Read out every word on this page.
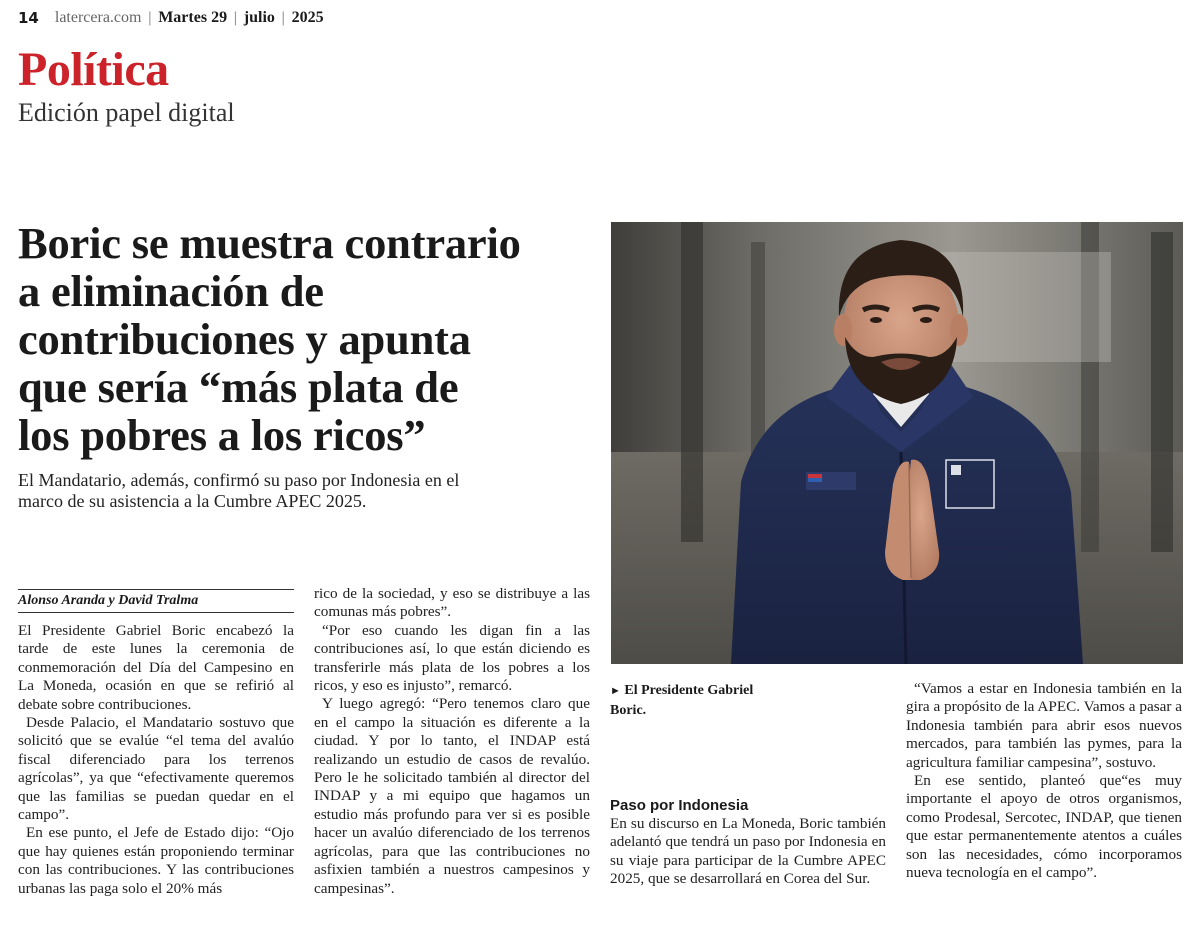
14 latercera.com | Martes 29 | julio | 2025
Política
Edición papel digital
Boric se muestra contrario
a eliminación de
contribuciones y apunta
que sería “más plata de
los pobres a los ricos”
El Mandatario, además, confirmó su paso por Indonesia en el marco de su asistencia a la Cumbre APEC 2025.
Alonso Aranda y David Tralma

El Presidente Gabriel Boric encabezó la tarde de este lunes la ceremonia de conmemoración del Día del Campesino en La Moneda, ocasión en que se refirió al debate sobre contribuciones.

Desde Palacio, el Mandatario sostuvo que solicitó que se evalúe “el tema del avalúo fiscal diferenciado para los terrenos agrícolas”, ya que “efectivamente queremos que las familias se puedan quedar en el campo”.

En ese punto, el Jefe de Estado dijo: “Ojo que hay quienes están proponiendo terminar con las contribuciones. Y las contribuciones urbanas las paga solo el 20% más

rico de la sociedad, y eso se distribuye a las comunas más pobres”.

“Por eso cuando les digan fin a las contribuciones así, lo que están diciendo es transferirle más plata de los pobres a los ricos, y eso es injusto”, remarcó.

Y luego agregó: “Pero tenemos claro que en el campo la situación es diferente a la ciudad. Y por lo tanto, el INDAP está realizando un estudio de casos de revalúo. Pero le he solicitado también al director del INDAP y a mi equipo que hagamos un estudio más profundo para ver si es posible hacer un avalúo diferenciado de los terrenos agrícolas, para que las contribuciones no asfixien también a nuestros campesinos y campesinas”.

► El Presidente Gabriel Boric.
Paso por Indonesia

En su discurso en La Moneda, Boric también adelantó que tendrá un paso por Indonesia en su viaje para participar de la Cumbre APEC 2025, que se desarrollará en Corea del Sur.

“Vamos a estar en Indonesia también en la gira a propósito de la APEC. Vamos a pasar a Indonesia también para abrir esos nuevos mercados, para también las pymes, para la agricultura familiar campesina”, sostuvo.

En ese sentido, planteó que“es muy importante el apoyo de otros organismos, como Prodesal, Sercotec, INDAP, que tienen que estar permanentemente atentos a cuáles son las necesidades, cómo incorporamos nueva tecnología en el campo”.
